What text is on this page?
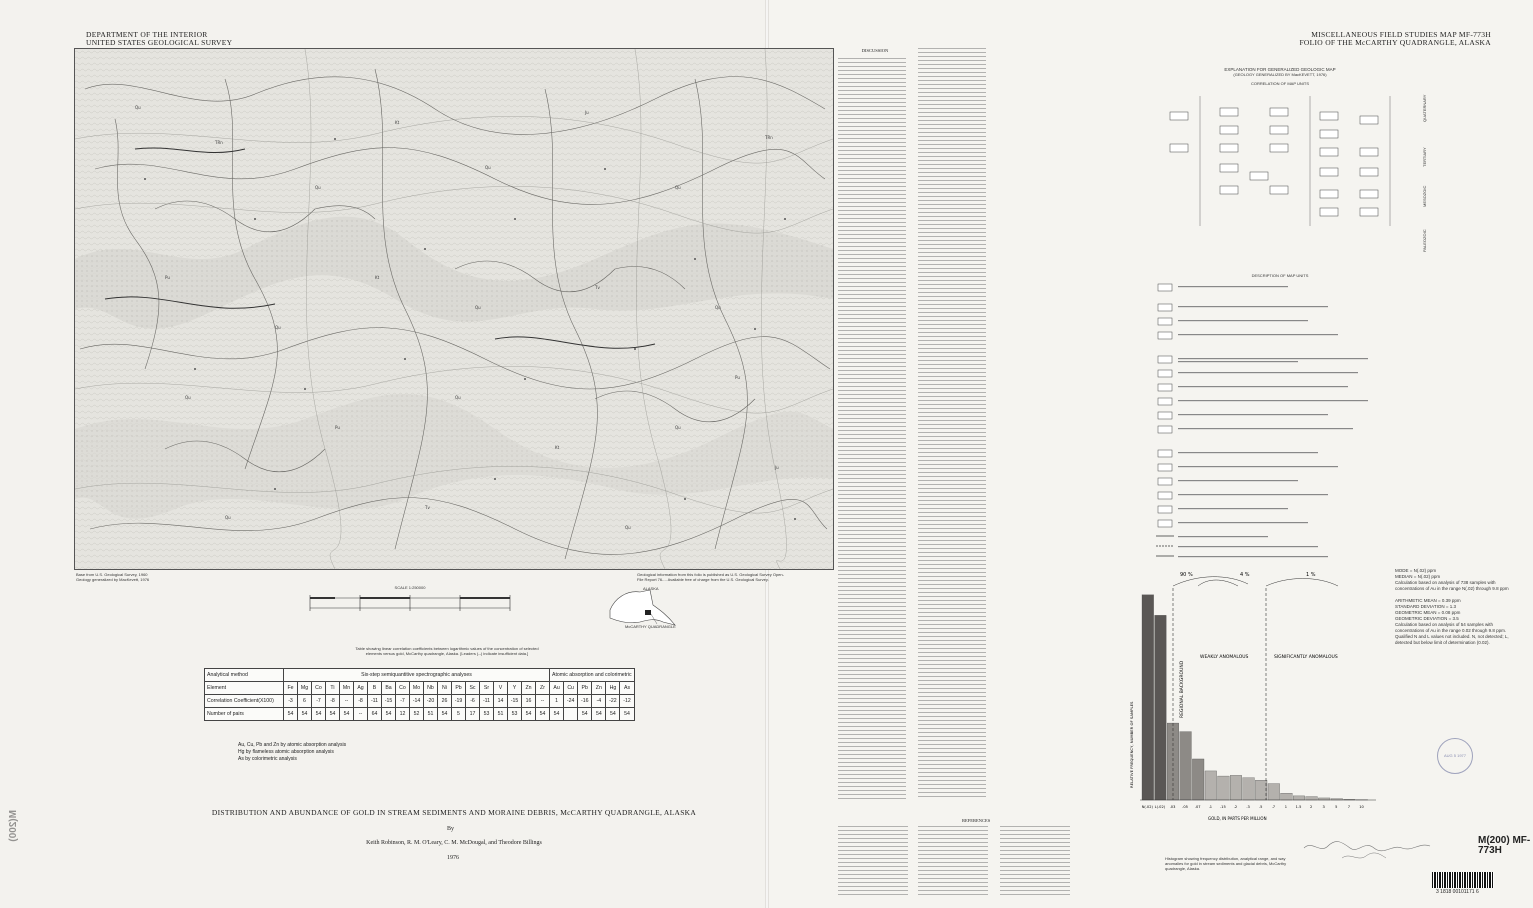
DEPARTMENT OF THE INTERIOR
UNITED STATES GEOLOGICAL SURVEY
MISCELLANEOUS FIELD STUDIES MAP MF-773H
FOLIO OF THE McCARTHY QUADRANGLE, ALASKA
Qu
TRn
Qu
Kt
Qu
Ju
Qu
TRn
Pu
Qu
Kt
Qu
Tv
Qu
Qu
Pu
Qu
Kt
Qu
Ju
Qu
Tv
Qu
Pu
Base from U.S. Geological Survey, 1960
Geology generalized by MacKevett, 1976
Geological information from this folio is published as U.S. Geological Survey Open-File Report 76-... Available free of charge from the U.S. Geological Survey.
SCALE 1:250000	ALASKA
McCARTHY QUADRANGLE
Table showing linear correlation coefficients between logarithmic values of the concentration of selected elements versus gold, McCarthy quadrangle, Alaska. [Leaders (--) indicate insufficient data.]
Analytical method	Six-step semiquantitive spectrographic analyses																			Atomic absorption and colorimetric					
Element	Fe	Mg	Co	Ti	Mn	Ag	B	Ba	Co	Mo	Nb	Ni	Pb	Sc	Sr	V	Y	Zn	Zr	Au	Cu	Pb	Zn	Hg	As
Correlation Coefficient(X100)	-3	6	-7	-8	--	-8	-11	-15	-7	-14	-20	26	-19	-6	-11	14	-15	16	--	1	-24	-16	-4	-22	-12
Number of pairs	54	54	54	54	54	--	64	54	12	52	51	54	5	17	53	51	53	54	54	54		54	54	54	54
Au, Cu, Pb and Zn by atomic absorption analysis
Hg by flameless atomic absorption analysis
As by colorimetric analysis
DISTRIBUTION AND ABUNDANCE OF GOLD IN STREAM SEDIMENTS AND MORAINE DEBRIS, McCARTHY QUADRANGLE, ALASKA
By
Keith Robinson, R. M. O'Leary, C. M. McDougal, and Theodore Billings
1976
M(200)
DISCUSSION
REFERENCES
EXPLANATION FOR GENERALIZED GEOLOGIC MAP
(GEOLOGY GENERALIZED BY MacKEVETT, 1976)
CORRELATION OF MAP UNITS
QUATERNARY
TERTIARY
MESOZOIC
PALEOZOIC
DESCRIPTION OF MAP UNITS
N(.02) L(.02) .03 .05 .07 .1 .15 .2	.3	.5	.7	1 1.5 2	3	5	7	10
90 %	4 %	1 %
REGIONAL BACKGROUND
WEAKLY ANOMALOUS	SIGNIFICANTLY ANOMALOUS
RELATIVE FREQUENCY, NUMBER OF SAMPLES
GOLD, IN PARTS PER MILLION
MODE = N(.02) ppm
MEDIAN = N(.02) ppm
Calculation based on analysis of 738 samples with concentrations of Au in the range N(.02) through 9.8 ppm
ARITHMETIC MEAN = 0.39 ppm
STANDARD DEVIATION = 1.3
GEOMETRIC MEAN = 0.08 ppm
GEOMETRIC DEVIATION = 3.5
Calculation based on analysis of 54 samples with concentrations of Au in the range 0.02 through 9.8 ppm. Qualified N and L values not included. N, not detected; L, detected but below limit of determination (0.02).
Histogram showing frequency distribution, analytical range, and way anomalies for gold in stream sediments and glacial debris, McCarthy quadrangle, Alaska.
AUG 5 1977
M(200) MF-773H
3 1818 00101171 6
